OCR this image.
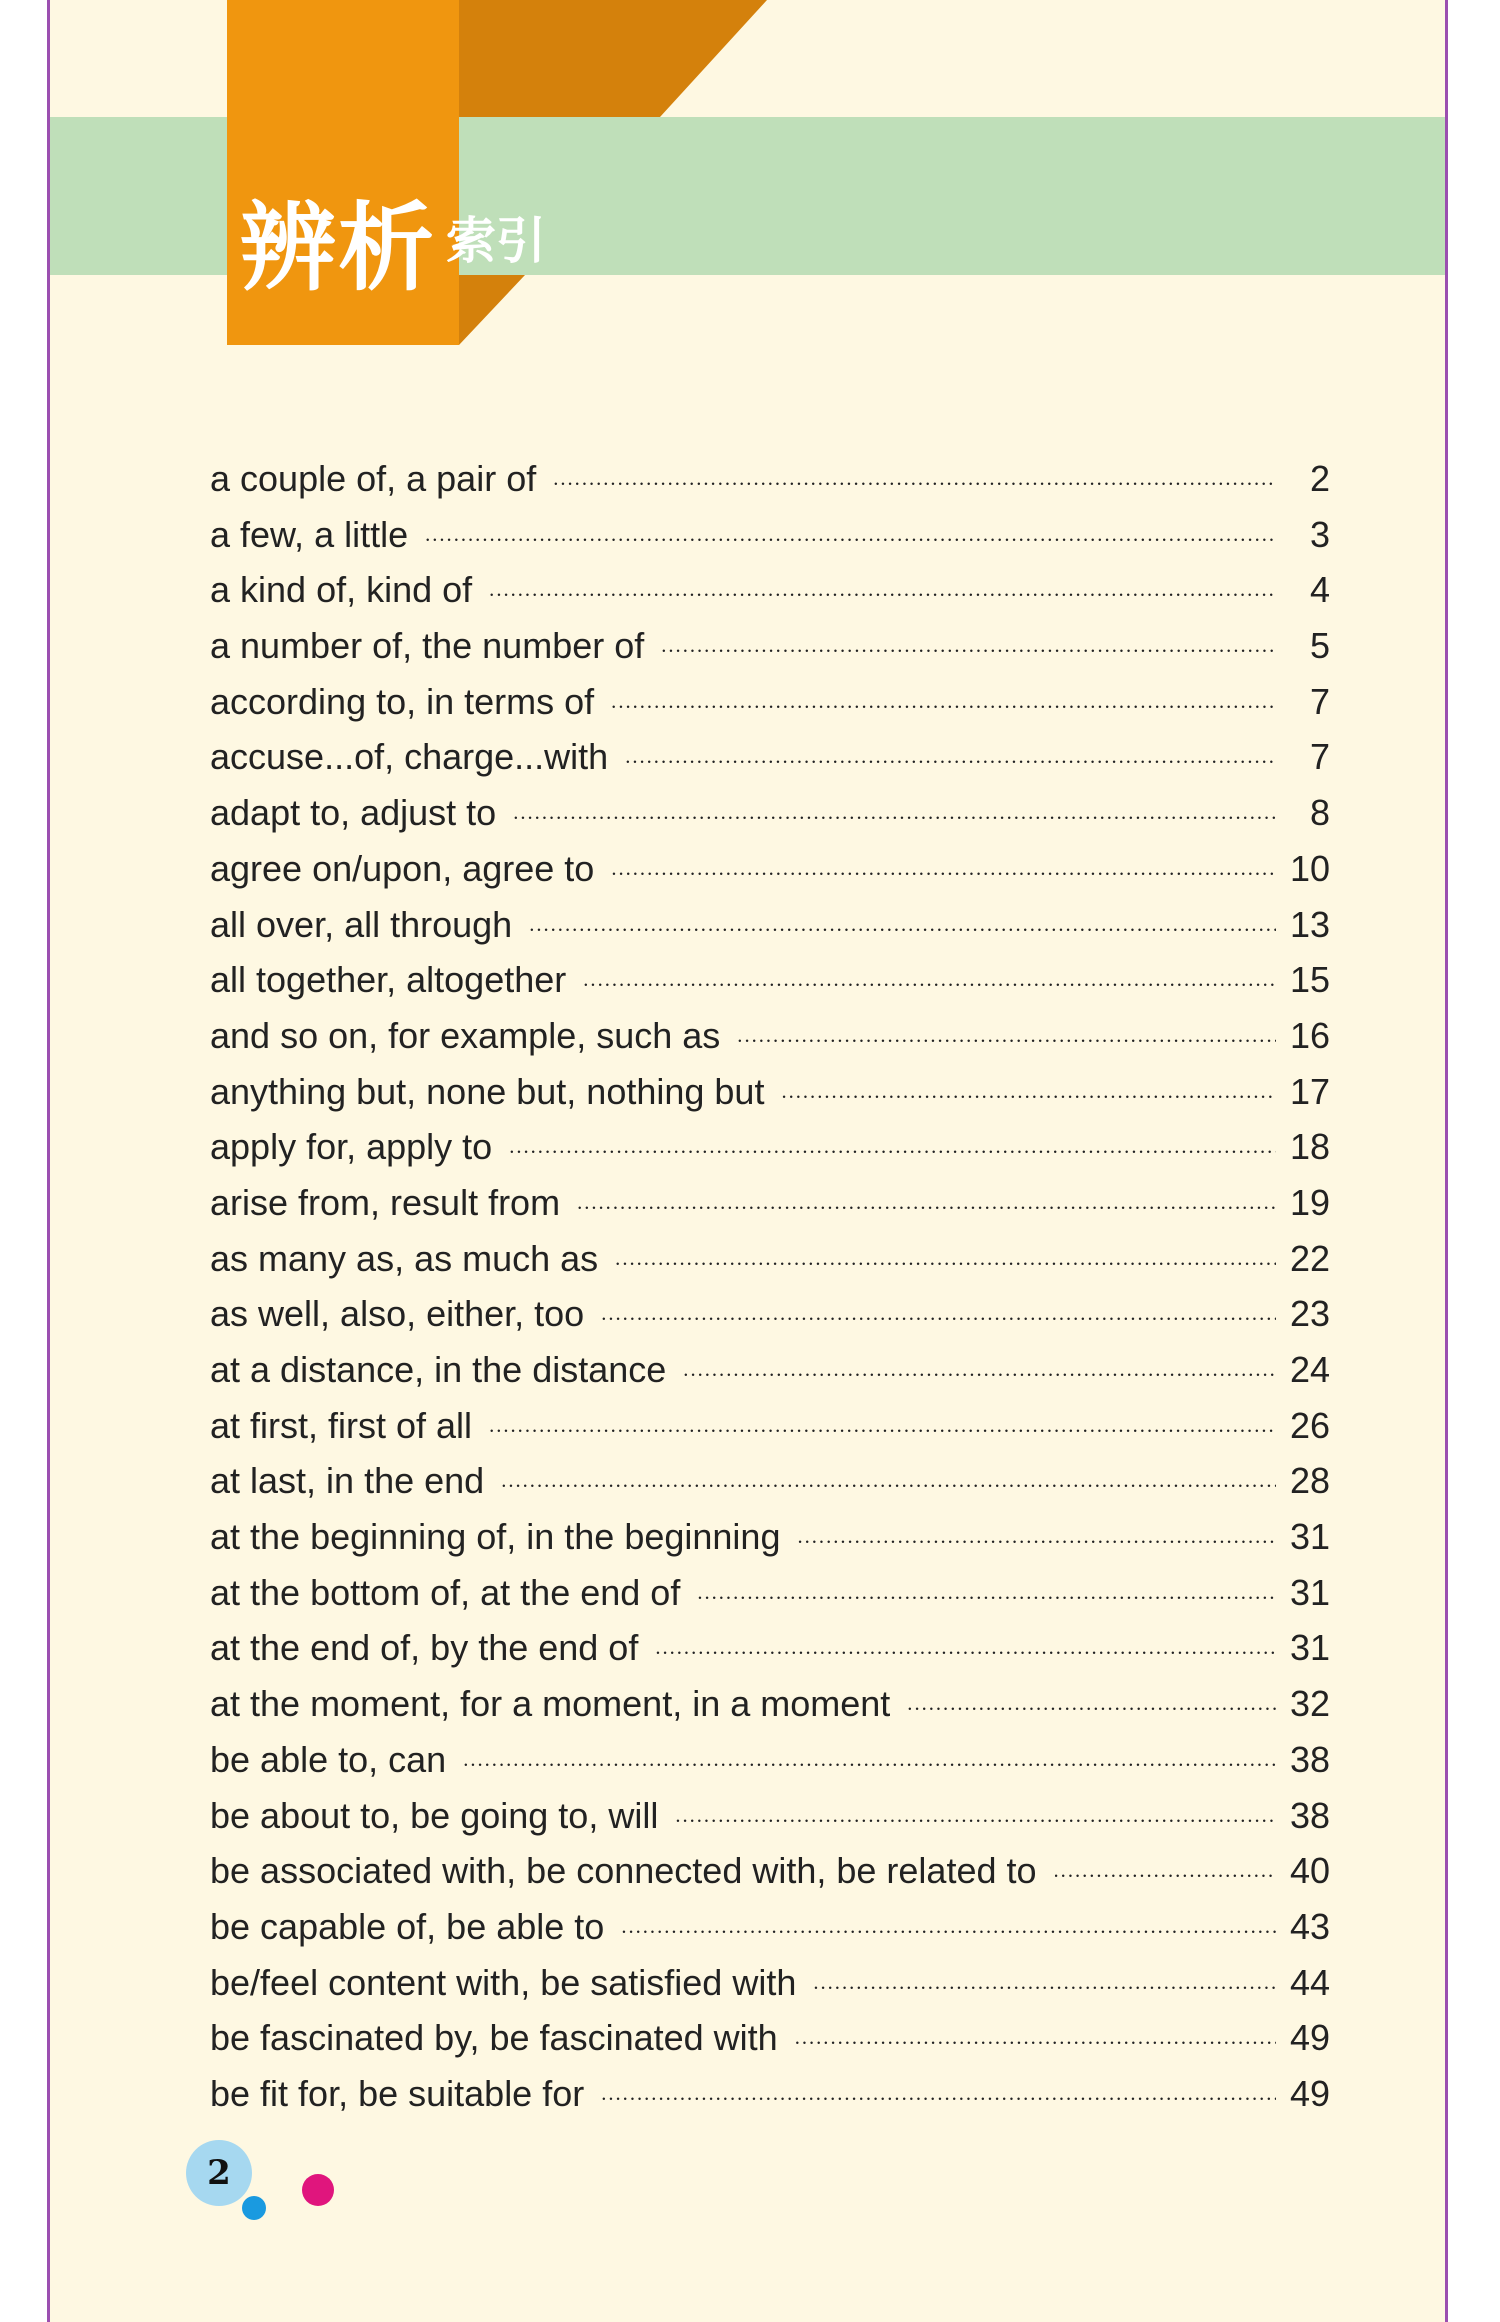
辨析 索引
a couple of, a pair of •••••	2
a few, a little •••••	3
a kind of, kind of •••••	4
a number of, the number of •••••	5
according to, in terms of •••••	7
accuse...of, charge...with •••••	7
adapt to, adjust to •••••	8
agree on/upon, agree to •••••	10
all over, all through •••••	13
all together, altogether •••••	15
and so on, for example, such as •••••	16
anything but, none but, nothing but •••••	17
apply for, apply to •••••	18
arise from, result from •••••	19
as many as, as much as •••••	22
as well, also, either, too •••••	23
at a distance, in the distance •••••	24
at first, first of all •••••	26
at last, in the end •••••	28
at the beginning of, in the beginning •••••	31
at the bottom of, at the end of •••••	31
at the end of, by the end of •••••	31
at the moment, for a moment, in a moment •••••	32
be able to, can •••••	38
be about to, be going to, will •••••	38
be associated with, be connected with, be related to •••••	40
be capable of, be able to •••••	43
be/feel content with, be satisfied with •••••	44
be fascinated by, be fascinated with •••••	49
be fit for, be suitable for •••••	49
2
